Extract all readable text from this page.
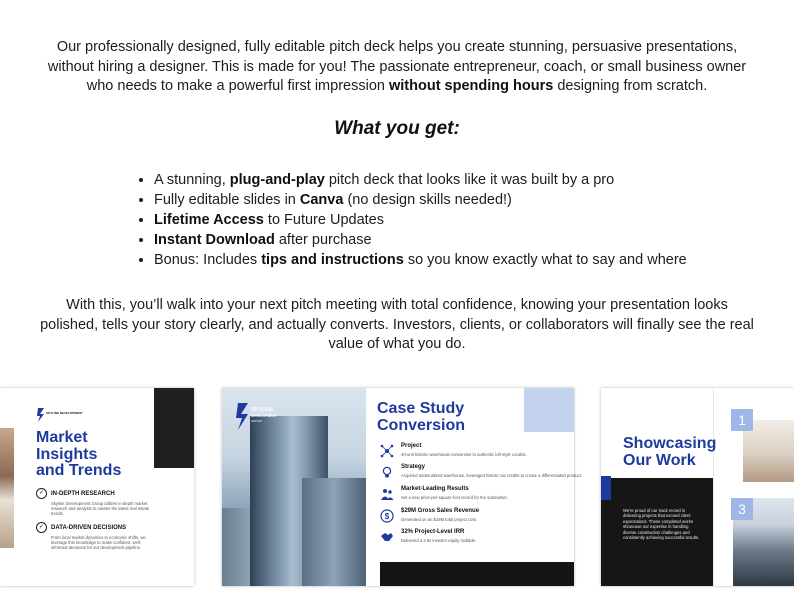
Our professionally designed, fully editable pitch deck helps you create stunning, persuasive presentations, without hiring a designer. This is made for you! The passionate entrepreneur, coach, or small business owner who needs to make a powerful first impression without spending hours designing from scratch.
What you get:
• A stunning, plug-and-play pitch deck that looks like it was built by a pro
• Fully editable slides in Canva (no design skills needed!)
• Lifetime Access to Future Updates
• Instant Download after purchase
• Bonus: Includes tips and instructions so you know exactly what to say and where
With this, you’ll walk into your next pitch meeting with total confidence, knowing your presentation looks polished, tells your story clearly, and actually converts. Investors, clients, or collaborators will finally see the real value of what you do.
SKYLINE DEVELOPMENT
Market
Insights
and Trends
✓ IN-DEPTH RESEARCH
Skyline Development Group utilizes in-depth market research and analysis to master the latest real estate trends.
✓ DATA-DRIVEN DECISIONS
From local market dynamics to economic shifts, we leverage this knowledge to make confident, well-informed decisions for our development pipeline.
SKYLINE
DEVELOPMENT
GROUP
Case Study
Conversion
Project
40-unit historic warehouse conversion to authentic loft-style condos.
Strategy
Acquired underutilized warehouse, leveraged historic tax credits to create a differentiated product.
Market-Leading Results
Set a new price-per-square-foot record for the submarket.
$
$29M Gross Sales Revenue
Generated on an $18M total project cost.
32% Project-Level IRR
Delivered a 2.9x investor equity multiple.
Showcasing
Our Work
We're proud of our track record in delivering projects that exceed client expectations. These completed works showcase our expertise in handling diverse construction challenges and consistently achieving successful results.
1
3
